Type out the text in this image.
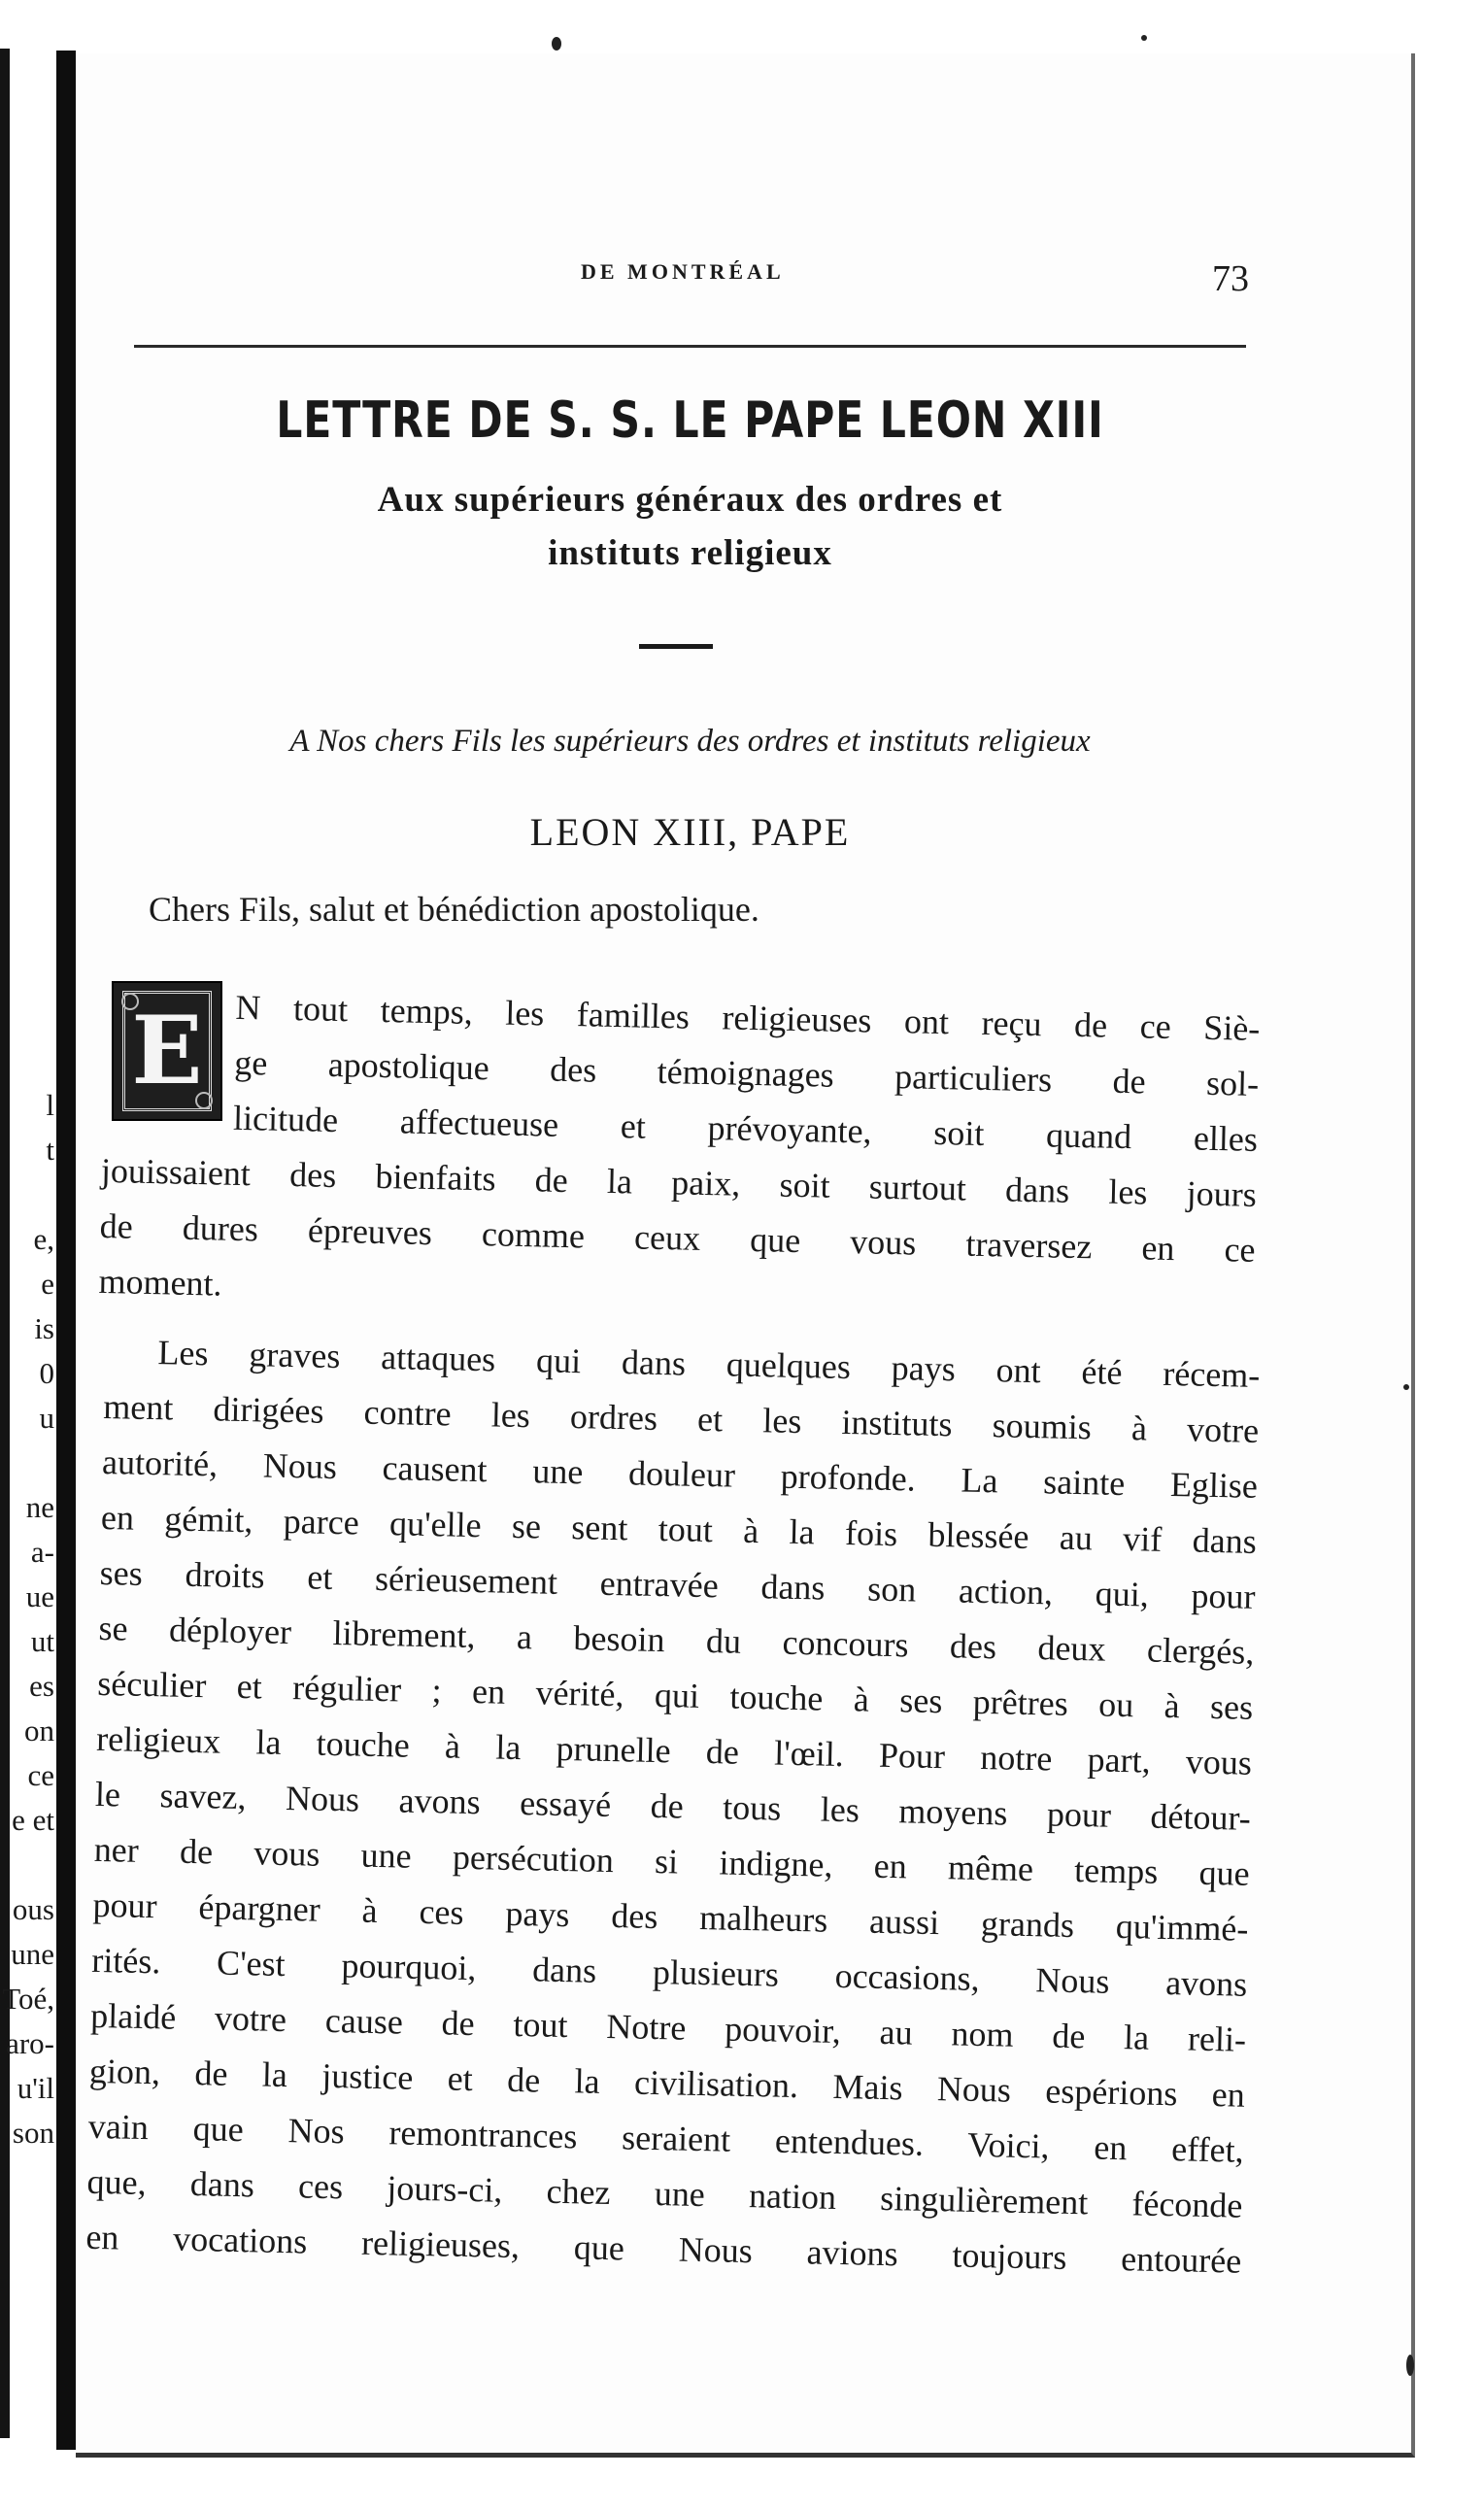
l
t
e,
e
is
0
u
ne
a-
ue
ut
es
on
ce
e et
ous
une
Toé,
aro-
u'il
son
DE MONTRÉAL	73
LETTRE DE S. S. LE PAPE LEON XIII
Aux supérieurs généraux des ordres et
instituts religieux
A Nos chers Fils les supérieurs des ordres et instituts religieux
LEON XIII, PAPE
Chers Fils, salut et bénédiction apostolique.
E N tout temps, les familles religieuses ont reçu de ce Siè-
ge apostolique des témoignages particuliers de sol-
licitude affectueuse et prévoyante, soit quand elles
jouissaient des bienfaits de la paix, soit surtout dans les jours
de dures épreuves comme ceux que vous traversez en ce
moment.
Les graves attaques qui dans quelques pays ont été récem-
ment dirigées contre les ordres et les instituts soumis à votre
autorité, Nous causent une douleur profonde. La sainte Eglise
en gémit, parce qu'elle se sent tout à la fois blessée au vif dans
ses droits et sérieusement entravée dans son action, qui, pour
se déployer librement, a besoin du concours des deux clergés,
séculier et régulier ; en vérité, qui touche à ses prêtres ou à ses
religieux la touche à la prunelle de l'œil. Pour notre part, vous
le savez, Nous avons essayé de tous les moyens pour détour-
ner de vous une persécution si indigne, en même temps que
pour épargner à ces pays des malheurs aussi grands qu'immé-
rités. C'est pourquoi, dans plusieurs occasions, Nous avons
plaidé votre cause de tout Notre pouvoir, au nom de la reli-
gion, de la justice et de la civilisation. Mais Nous espérions en
vain que Nos remontrances seraient entendues. Voici, en effet,
que, dans ces jours-ci, chez une nation singulièrement féconde
en vocations religieuses, que Nous avions toujours entourée
